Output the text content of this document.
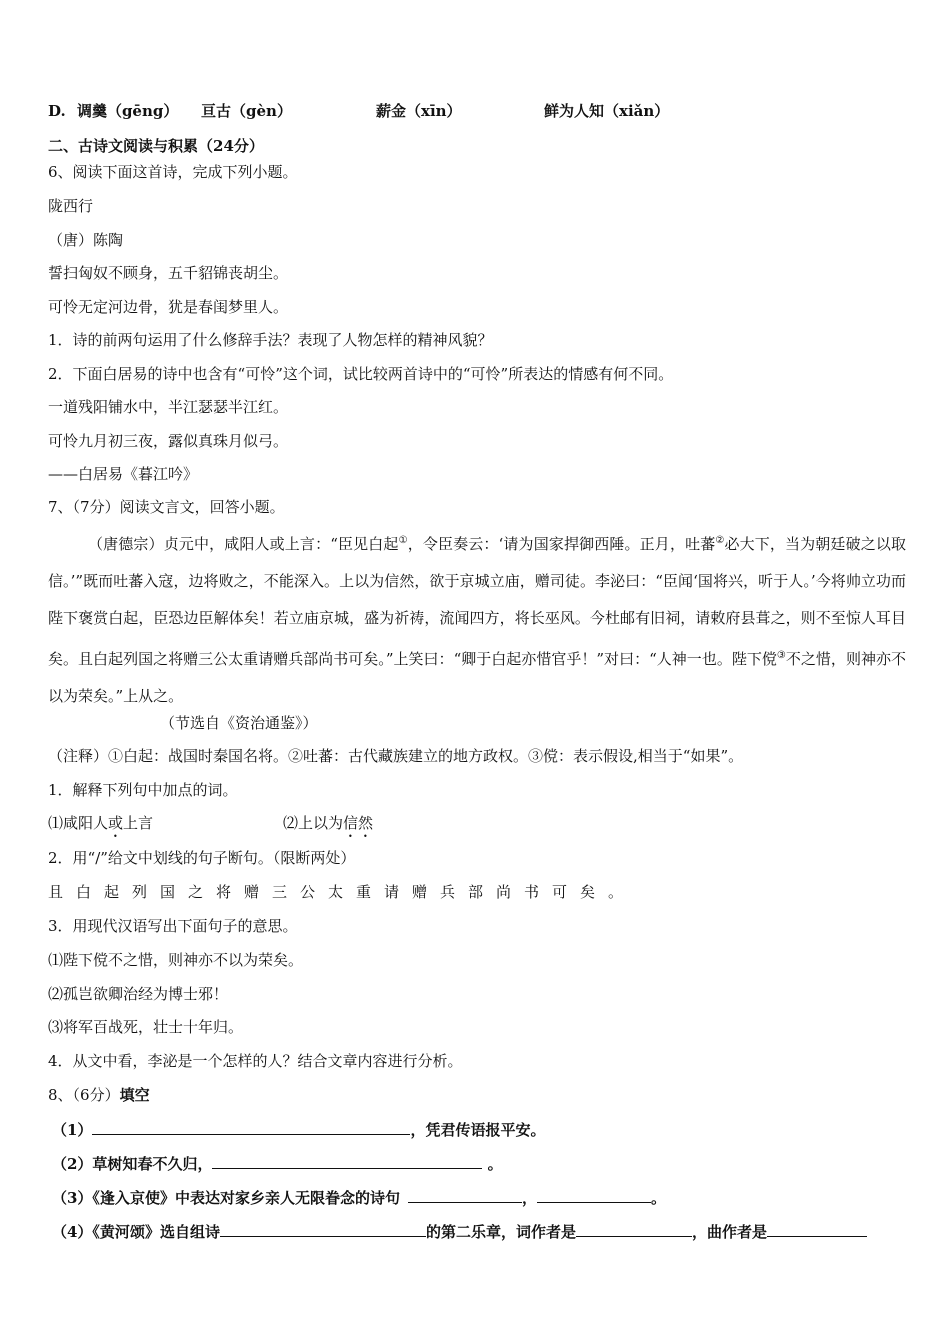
D. 调羹（gēng） 亘古（gèn）	薪金（xīn）	鲜为人知（xiǎn）
二、古诗文阅读与积累（24分）
6、阅读下面这首诗，完成下列小题。
陇西行
（唐）陈陶
誓扫匈奴不顾身，五千貂锦丧胡尘。
可怜无定河边骨，犹是春闺梦里人。
1．诗的前两句运用了什么修辞手法？表现了人物怎样的精神风貌？
2．下面白居易的诗中也含有“可怜”这个词，试比较两首诗中的“可怜”所表达的情感有何不同。
一道残阳铺水中，半江瑟瑟半江红。
可怜九月初三夜，露似真珠月似弓。
——白居易《暮江吟》
7、（7分）阅读文言文，回答小题。
（唐德宗）贞元中，咸阳人或上言：“臣见白起①，令臣奏云：‘请为国家捍御西陲。正月，吐蕃②必大下，当为朝廷破之以取信。’”既而吐蕃入寇，边将败之，不能深入。上以为信然，欲于京城立庙，赠司徒。李泌曰：“臣闻‘国将兴，听于人。’今将帅立功而陛下褒赏白起，臣恐边臣解体矣！若立庙京城，盛为祈祷，流闻四方，将长巫风。今杜邮有旧祠，请敕府县葺之，则不至惊人耳目矣。且白起列国之将赠三公太重请赠兵部尚书可矣。”上笑曰：“卿于白起亦惜官乎！”对曰：“人神一也。陛下傥③不之惜，则神亦不以为荣矣。”上从之。
（节选自《资治通鉴》）
（注释）①白起：战国时秦国名将。②吐蕃：古代藏族建立的地方政权。③傥：表示假设,相当于“如果”。
1．解释下列句中加点的词。
⑴咸阳人或上言	⑵上以为信然
2．用“/”给文中划线的句子断句。（限断两处）
且白起列国之将赠三公太重请赠兵部尚书可矣。
3．用现代汉语写出下面句子的意思。
⑴陛下傥不之惜，则神亦不以为荣矣。
⑵孤岂欲卿治经为博士邪！
⑶将军百战死，壮士十年归。
4．从文中看，李泌是一个怎样的人？结合文章内容进行分析。
8、（6分）填空
（1）	，凭君传语报平安。
（2）草树知春不久归，	。
（3）《逢入京使》中表达对家乡亲人无限眷念的诗句	，	。
（4）《黄河颂》选自组诗	的第二乐章，词作者是	，曲作者是
